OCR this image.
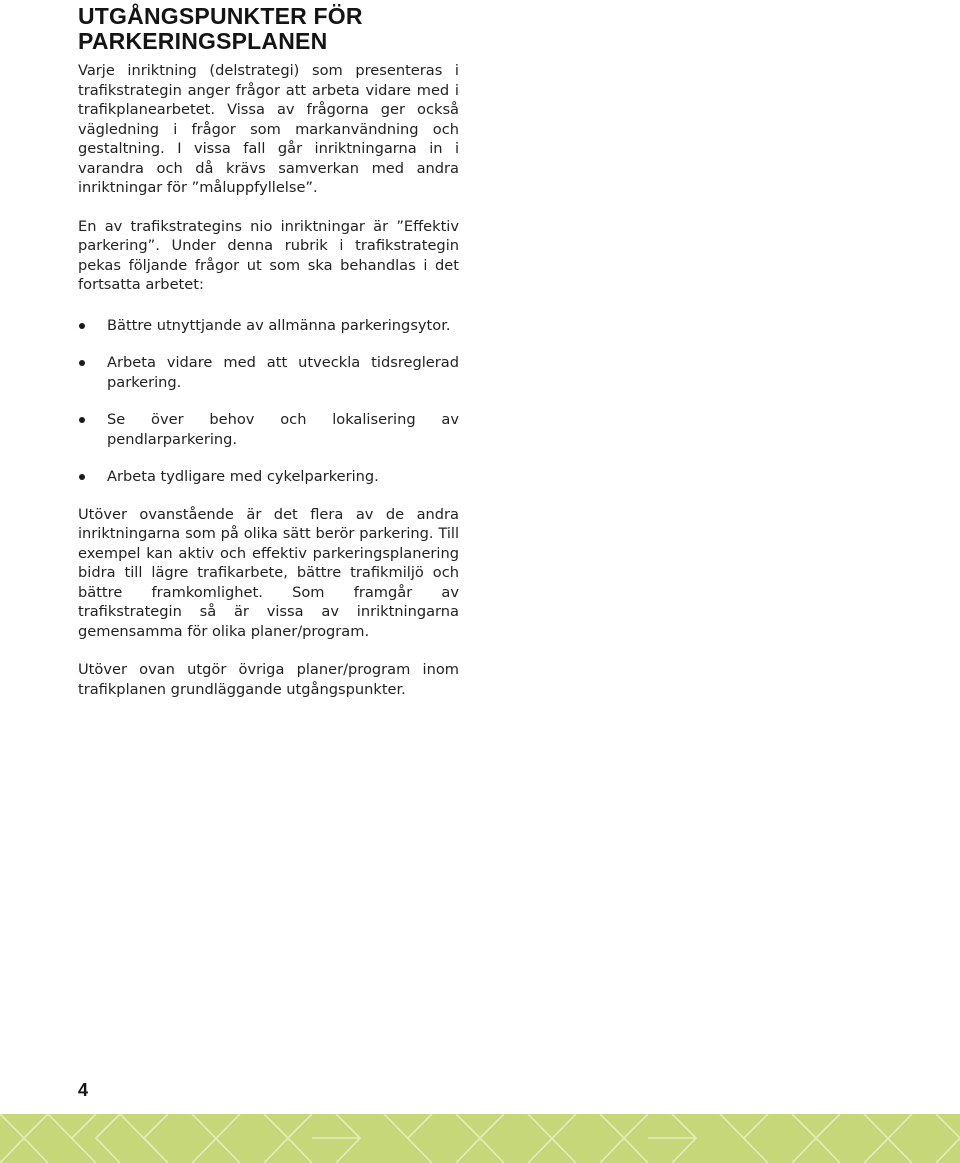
UTGÅNGSPUNKTER FÖR
PARKERINGSPLANEN

Varje inriktning (delstrategi) som presenteras i trafikstrategin anger frågor att arbeta vidare med i trafikplanearbetet. Vissa av frågorna ger också vägledning i frågor som markanvändning och gestaltning. I vissa fall går inriktningarna in i varandra och då krävs samverkan med andra inriktningar för ”måluppfyllelse”.

En av trafikstrategins nio inriktningar är ”Effektiv parkering”. Under denna rubrik i trafikstrategin pekas följande frågor ut som ska behandlas i det fortsatta arbetet:

Bättre utnyttjande av allmänna parkeringsytor.
Arbeta vidare med att utveckla tidsreglerad parkering.
Se över behov och lokalisering av pendlarparkering.
Arbeta tydligare med cykelparkering.

Utöver ovanstående är det flera av de andra inriktningarna som på olika sätt berör parkering. Till exempel kan aktiv och effektiv parkeringsplanering bidra till lägre trafikarbete, bättre trafikmiljö och bättre framkomlighet. Som framgår av trafikstrategin så är vissa av inriktningarna gemensamma för olika planer/program.

Utöver ovan utgör övriga planer/program inom trafikplanen grundläggande utgångspunkter.

4
